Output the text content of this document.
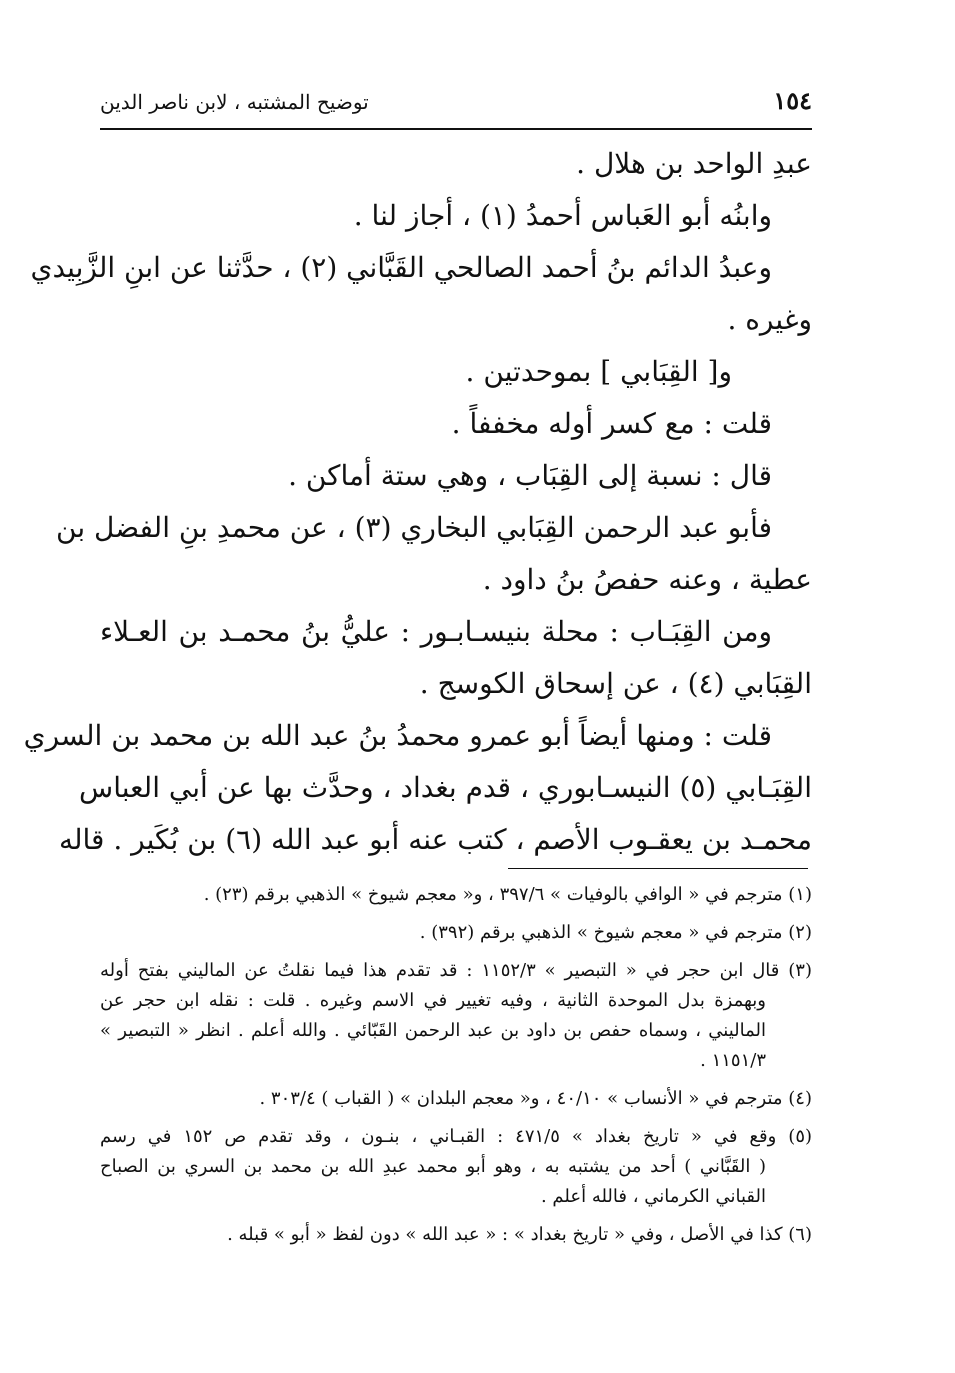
١٥٤
توضيح المشتبه ، لابن ناصر الدين
عبدِ الواحد بن هلال .
وابنُه أبو العَباس أحمدُ (١) ، أجاز لنا .
وعبدُ الدائم بنُ أحمد الصالحي القَبَّاني (٢) ، حدَّثنا عن ابنِ الزَّبِيدي
وغيره .
و[ القِبَابي ] بموحدتين .
قلت : مع كسر أوله مخففاً .
قال : نسبة إلى القِبَاب ، وهي ستة أماكن .
فأبو عبد الرحمن القِبَابي البخاري (٣) ، عن محمدِ بنِ الفضل بن
عطية ، وعنه حفصُ بنُ داود .
ومن القِبَـاب : محلة بنيسـابـور : عليُّ بنُ محمـد بن العـلاء
القِبَابي (٤) ، عن إسحاق الكوسج .
قلت : ومنها أيضاً أبو عمرو محمدُ بنُ عبد الله بن محمد بن السري
القِبَـابي (٥) النيسـابوري ، قدم بغداد ، وحدَّث بها عن أبي العباس
محمـد بن يعقـوب الأصم ، كتب عنه أبو عبد الله (٦) بن بُكَير . قاله
(١) مترجم في « الوافي بالوفيات » ٣٩٧/٦ ، و« معجم شيوخ » الذهبي برقم (٢٣) .
(٢) مترجم في « معجم شيوخ » الذهبي برقم (٣٩٢) .
(٣) قال ابن حجر في « التبصير » ١١٥٢/٣ : قد تقدم هذا فيما نقلتُ عن الماليني بفتح أوله
وبهمزة بدل الموحدة الثانية ، وفيه تغيير في الاسم وغيره . قلت : نقله ابن حجر عن
الماليني ، وسماه حفص بن داود بن عبد الرحمن القَبّائي . والله أعلم . انظر « التبصير »
١١٥١/٣ .
(٤) مترجم في « الأنساب » ٤٠/١٠ ، و« معجم البلدان » ( القباب ) ٣٠٣/٤ .
(٥) وقع في « تاريخ بغداد » ٤٧١/٥ : القبـاني ، بنـون ، وقد تقدم ص ١٥٢ في رسم
( القَبَّاني ) أحد من يشتبه به ، وهو أبو محمد عبدِ الله بن محمد بن السري بن الصباح
القباني الكرماني ، فالله أعلم .
(٦) كذا في الأصل ، وفي « تاريخ بغداد » : « عبد الله » دون لفظ « أبو » قبله .
